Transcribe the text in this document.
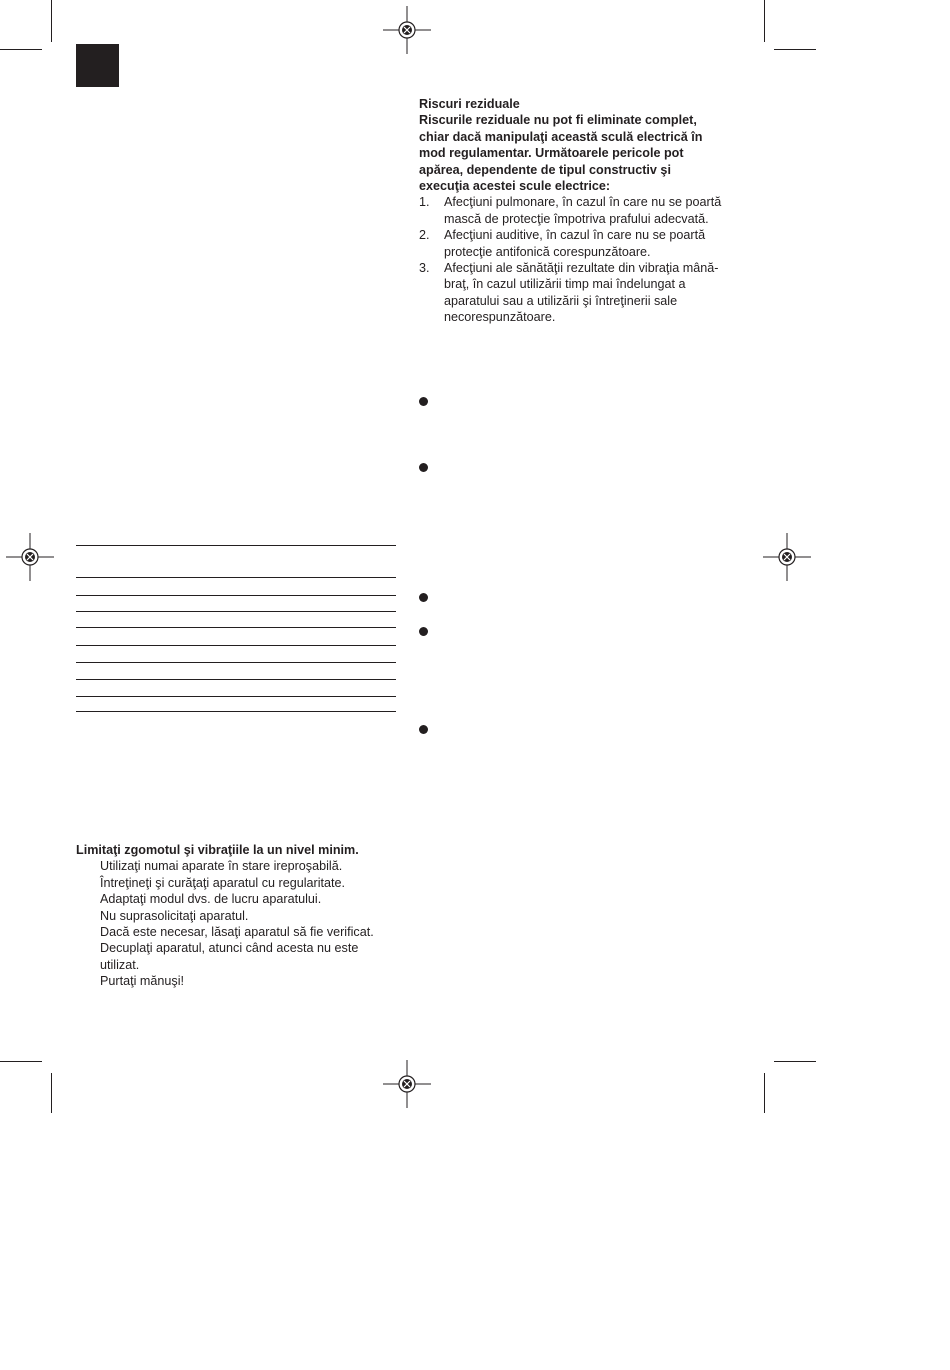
Riscuri reziduale
Riscurile reziduale nu pot fi eliminate complet,
chiar dacă manipulaţi această sculă electrică în
mod regulamentar. Următoarele pericole pot
apărea, dependente de tipul constructiv şi
execuţia acestei scule electrice:
1.	Afecţiuni pulmonare, în cazul în care nu se poartă
mască de protecţie împotriva prafului adecvată.
2.	Afecţiuni auditive, în cazul în care nu se poartă
protecţie antifonică corespunzătoare.
3.	Afecţiuni ale sănătăţii rezultate din vibraţia mână-
braţ, în cazul utilizării timp mai îndelungat a
aparatului sau a utilizării şi întreţinerii sale
necorespunzătoare.
Limitaţi zgomotul şi vibraţiile la un nivel minim.
Utilizaţi numai aparate în stare ireproşabilă.
Întreţineţi şi curăţaţi aparatul cu regularitate.
Adaptaţi modul dvs. de lucru aparatului.
Nu suprasolicitaţi aparatul.
Dacă este necesar, lăsaţi aparatul să fie verificat.
Decuplaţi aparatul, atunci când acesta nu este
utilizat.
Purtaţi mănuşi!
